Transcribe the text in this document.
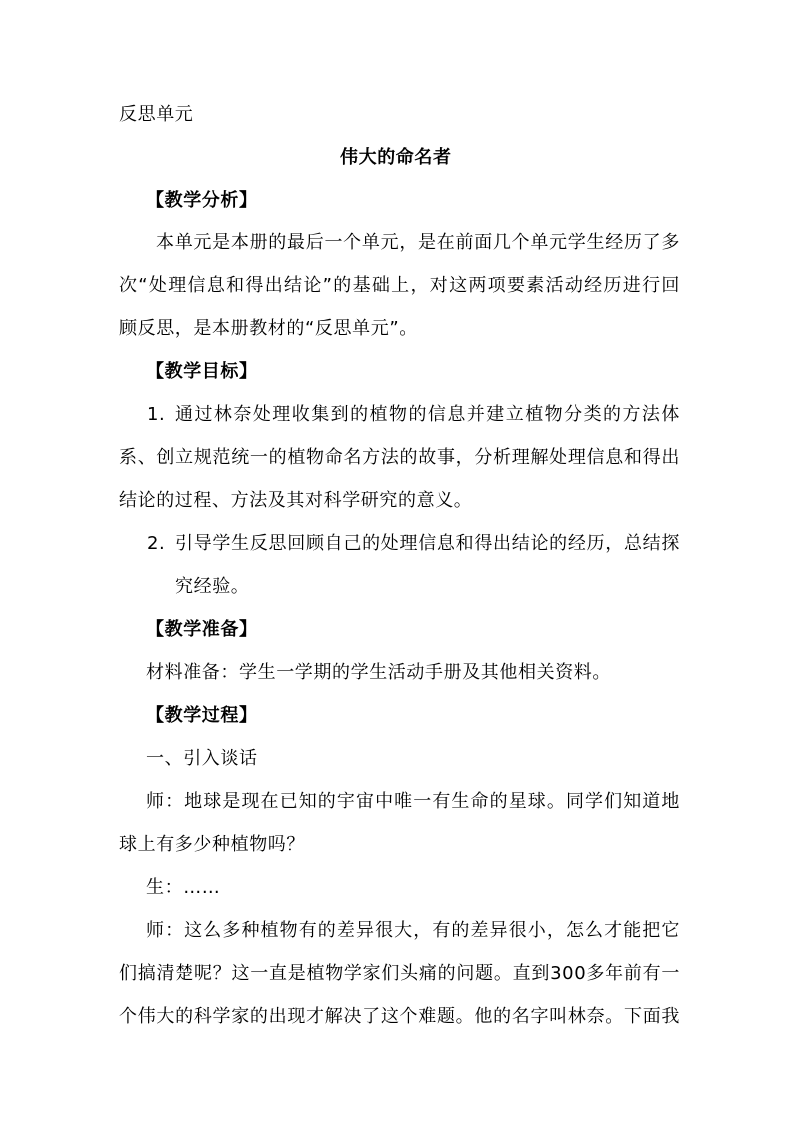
反思单元
伟大的命名者
【教学分析】
本单元是本册的最后一个单元，是在前面几个单元学生经历了多
次“处理信息和得出结论”的基础上，对这两项要素活动经历进行回
顾反思，是本册教材的“反思单元”。
【教学目标】
1. 通过林奈处理收集到的植物的信息并建立植物分类的方法体
系、创立规范统一的植物命名方法的故事，分析理解处理信息和得出
结论的过程、方法及其对科学研究的意义。
2. 引导学生反思回顾自己的处理信息和得出结论的经历，总结探
究经验。
【教学准备】
材料准备：学生一学期的学生活动手册及其他相关资料。
【教学过程】
一、引入谈话
师：地球是现在已知的宇宙中唯一有生命的星球。同学们知道地
球上有多少种植物吗？
生：……
师：这么多种植物有的差异很大，有的差异很小，怎么才能把它
们搞清楚呢？这一直是植物学家们头痛的问题。直到300多年前有一
个伟大的科学家的出现才解决了这个难题。他的名字叫林奈。下面我
